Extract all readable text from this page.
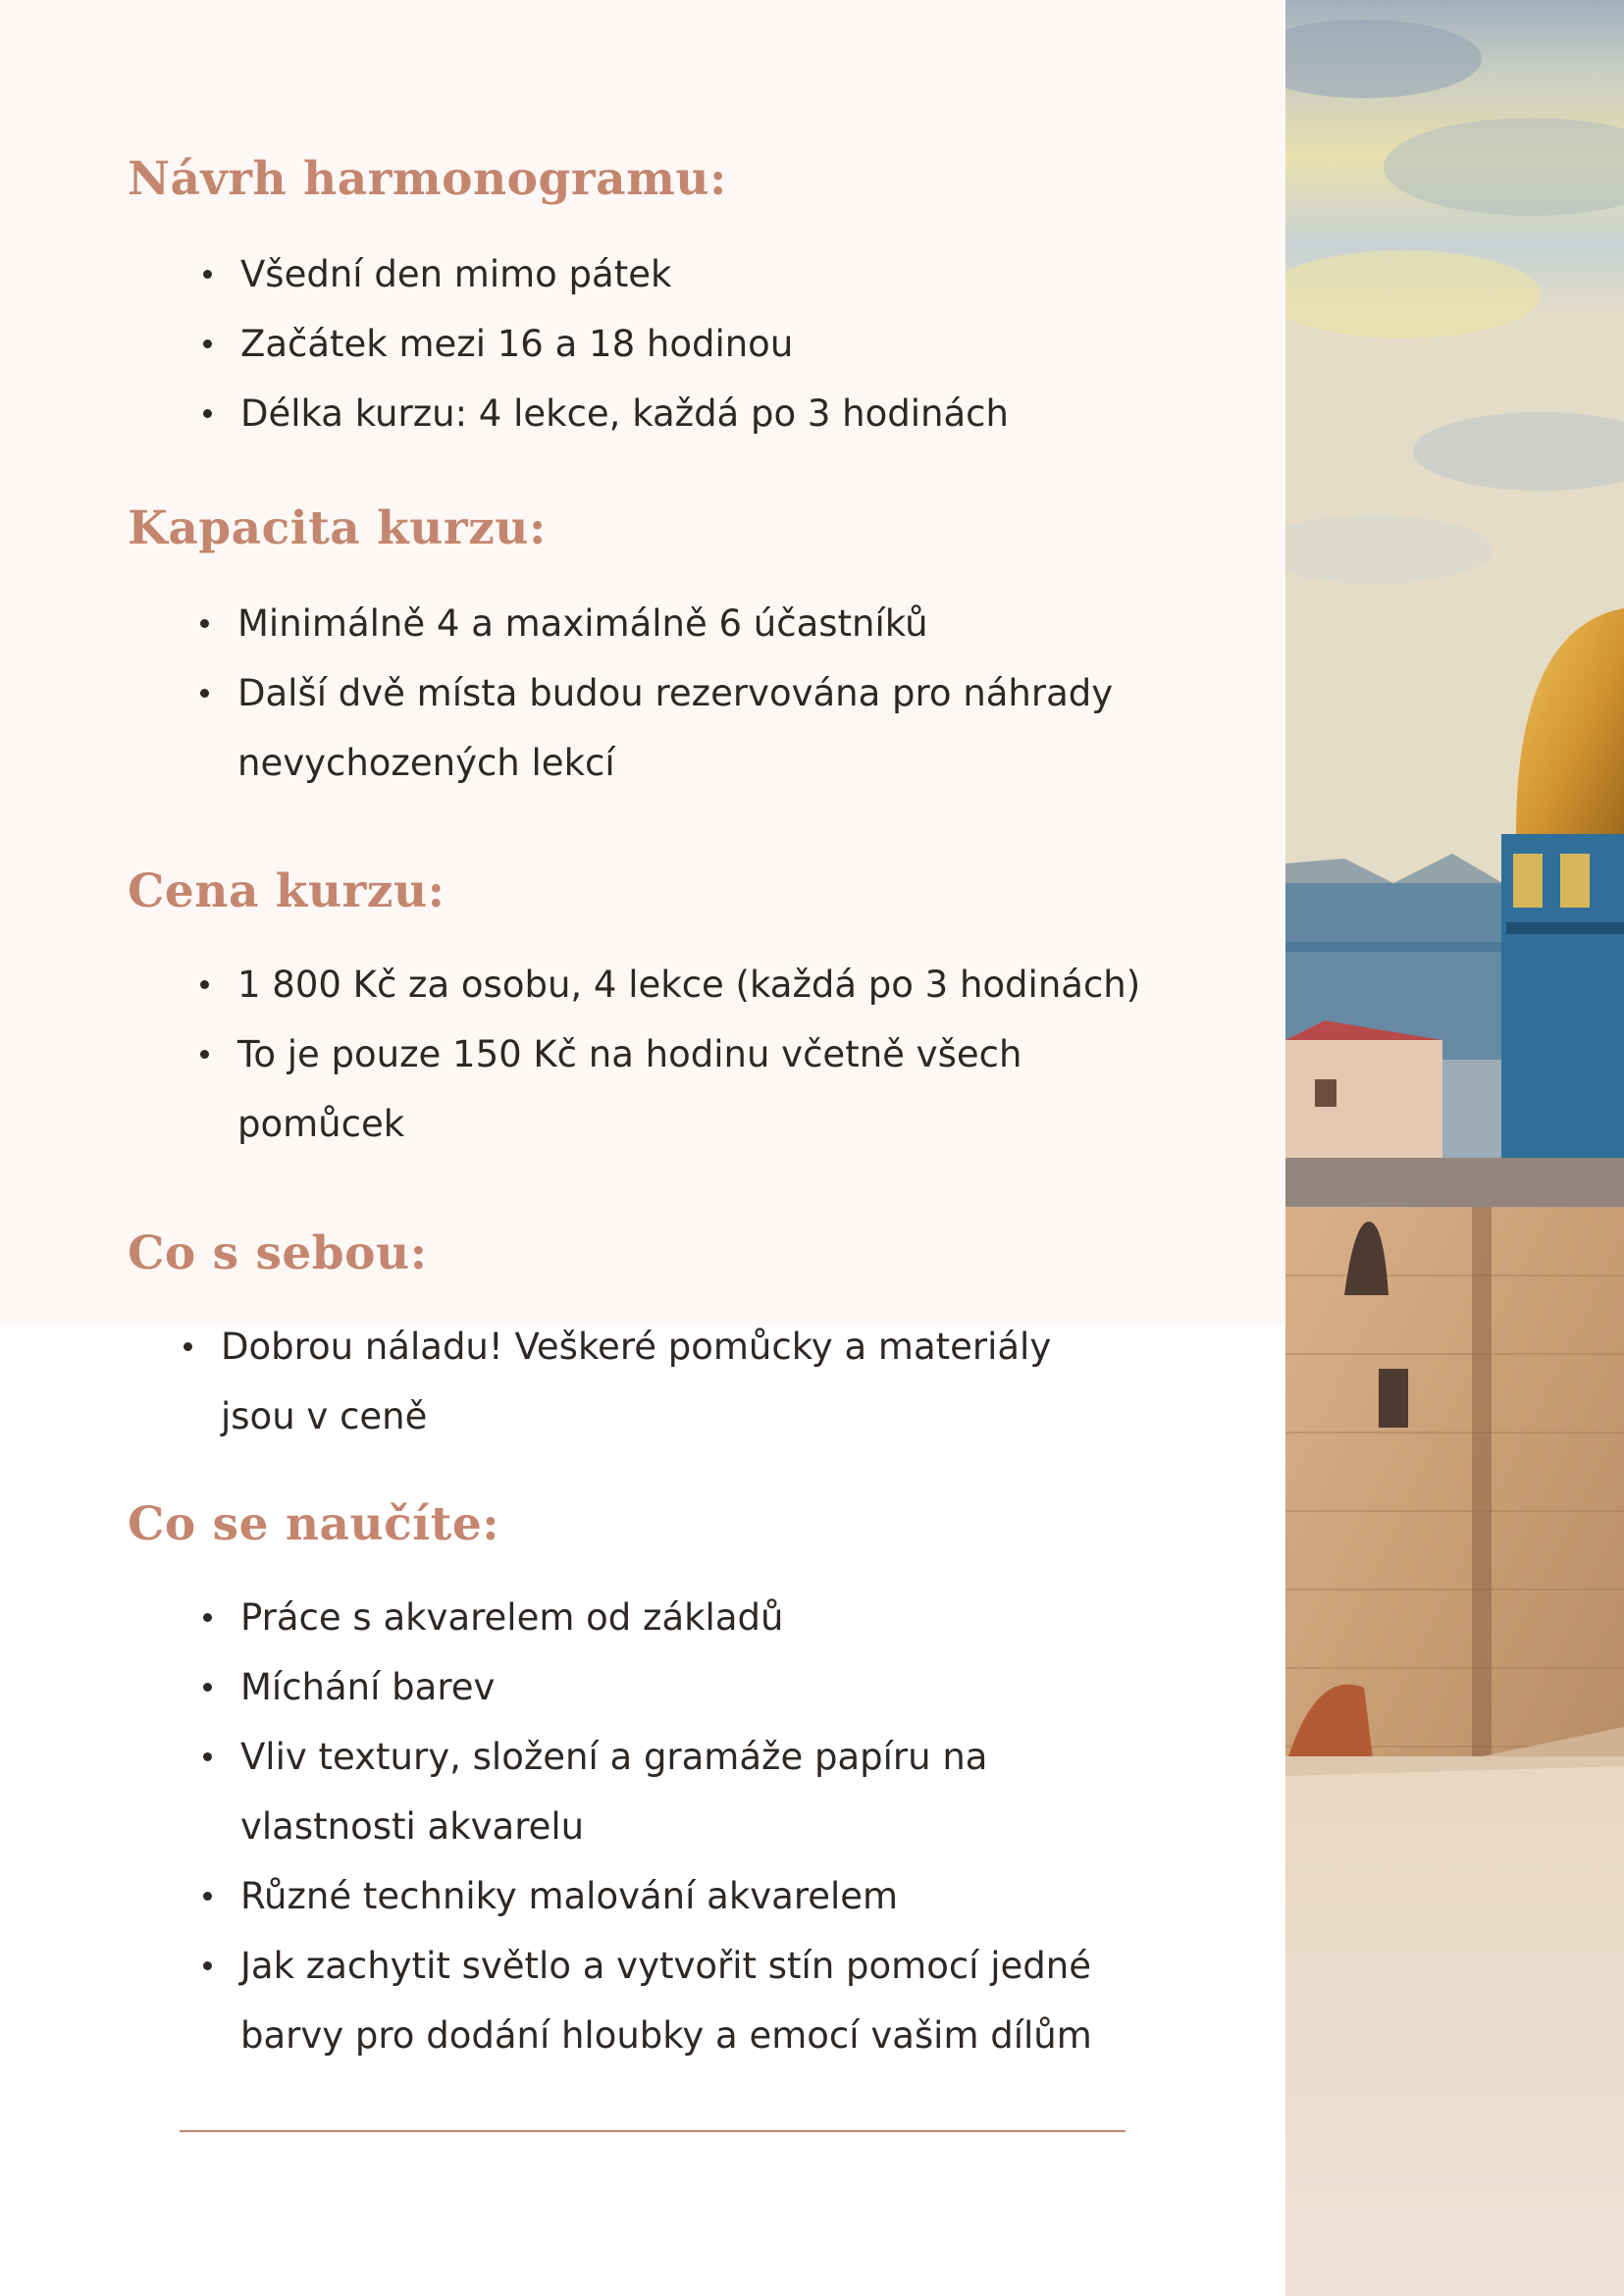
Návrh harmonogramu:
Všední den mimo pátek
Začátek mezi 16 a 18 hodinou
Délka kurzu: 4 lekce, každá po 3 hodinách
Kapacita kurzu:
Minimálně 4 a maximálně 6 účastníků
Další dvě místa budou rezervována pro náhrady
nevychozených lekcí
Cena kurzu:
1 800 Kč za osobu, 4 lekce (každá po 3 hodinách)
To je pouze 150 Kč na hodinu včetně všech
pomůcek
Co s sebou:
Dobrou náladu! Veškeré pomůcky a materiály
jsou v ceně
Co se naučíte:
Práce s akvarelem od základů
Míchání barev
Vliv textury, složení a gramáže papíru na
vlastnosti akvarelu
Různé techniky malování akvarelem
Jak zachytit světlo a vytvořit stín pomocí jedné
barvy pro dodání hloubky a emocí vašim dílům
